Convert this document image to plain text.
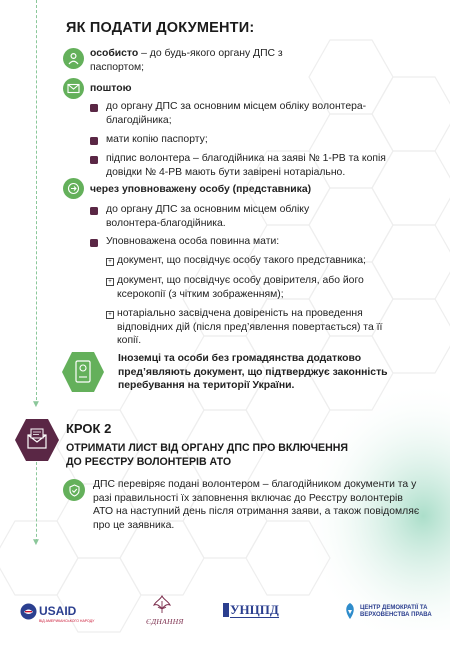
▼
▼
ЯК ПОДАТИ ДОКУМЕНТИ:
особисто – до будь-якого органу ДПС з паспортом;
поштою
до органу ДПС за основним місцем обліку волонтера-благодійника;
мати копію паспорту;
підпис волонтера – благодійника на заяві № 1-РВ та копія довідки № 4-РВ мають бути завірені нотаріально.
через уповноважену особу (представника)
до органу ДПС за основним місцем обліку волонтера-благодійника.
Уповноважена особа повинна мати:
+ документ, що посвідчує особу такого представника;
+ документ, що посвідчує особу довірителя, або його ксерокопії (з чітким зображенням);
+ нотаріально засвідчена довіреність на проведення відповідних дій (після пред’явлення повертається) та її копії.
Іноземці та особи без громадянства додатково пред’являють документ, що підтверджує законність перебування на території України.
КРОК 2
ОТРИМАТИ ЛИСТ ВІД ОРГАНУ ДПС ПРО ВКЛЮЧЕННЯ ДО РЕЄСТРУ ВОЛОНТЕРІВ АТО
ДПС перевіряє подані волонтером – благодійником документи та у разі правильності їх заповнення включає до Реєстру волонтерів АТО на наступний день після отримання заяви, а також повідомляє про це заявника.
USAID
ВІД АМЕРИКАНСЬКОГО НАРОДУ	ЄДНАННЯ
УНЦПД	ЦЕНТР ДЕМОКРАТІЇ ТА ВЕРХОВЕНСТВА ПРАВА
